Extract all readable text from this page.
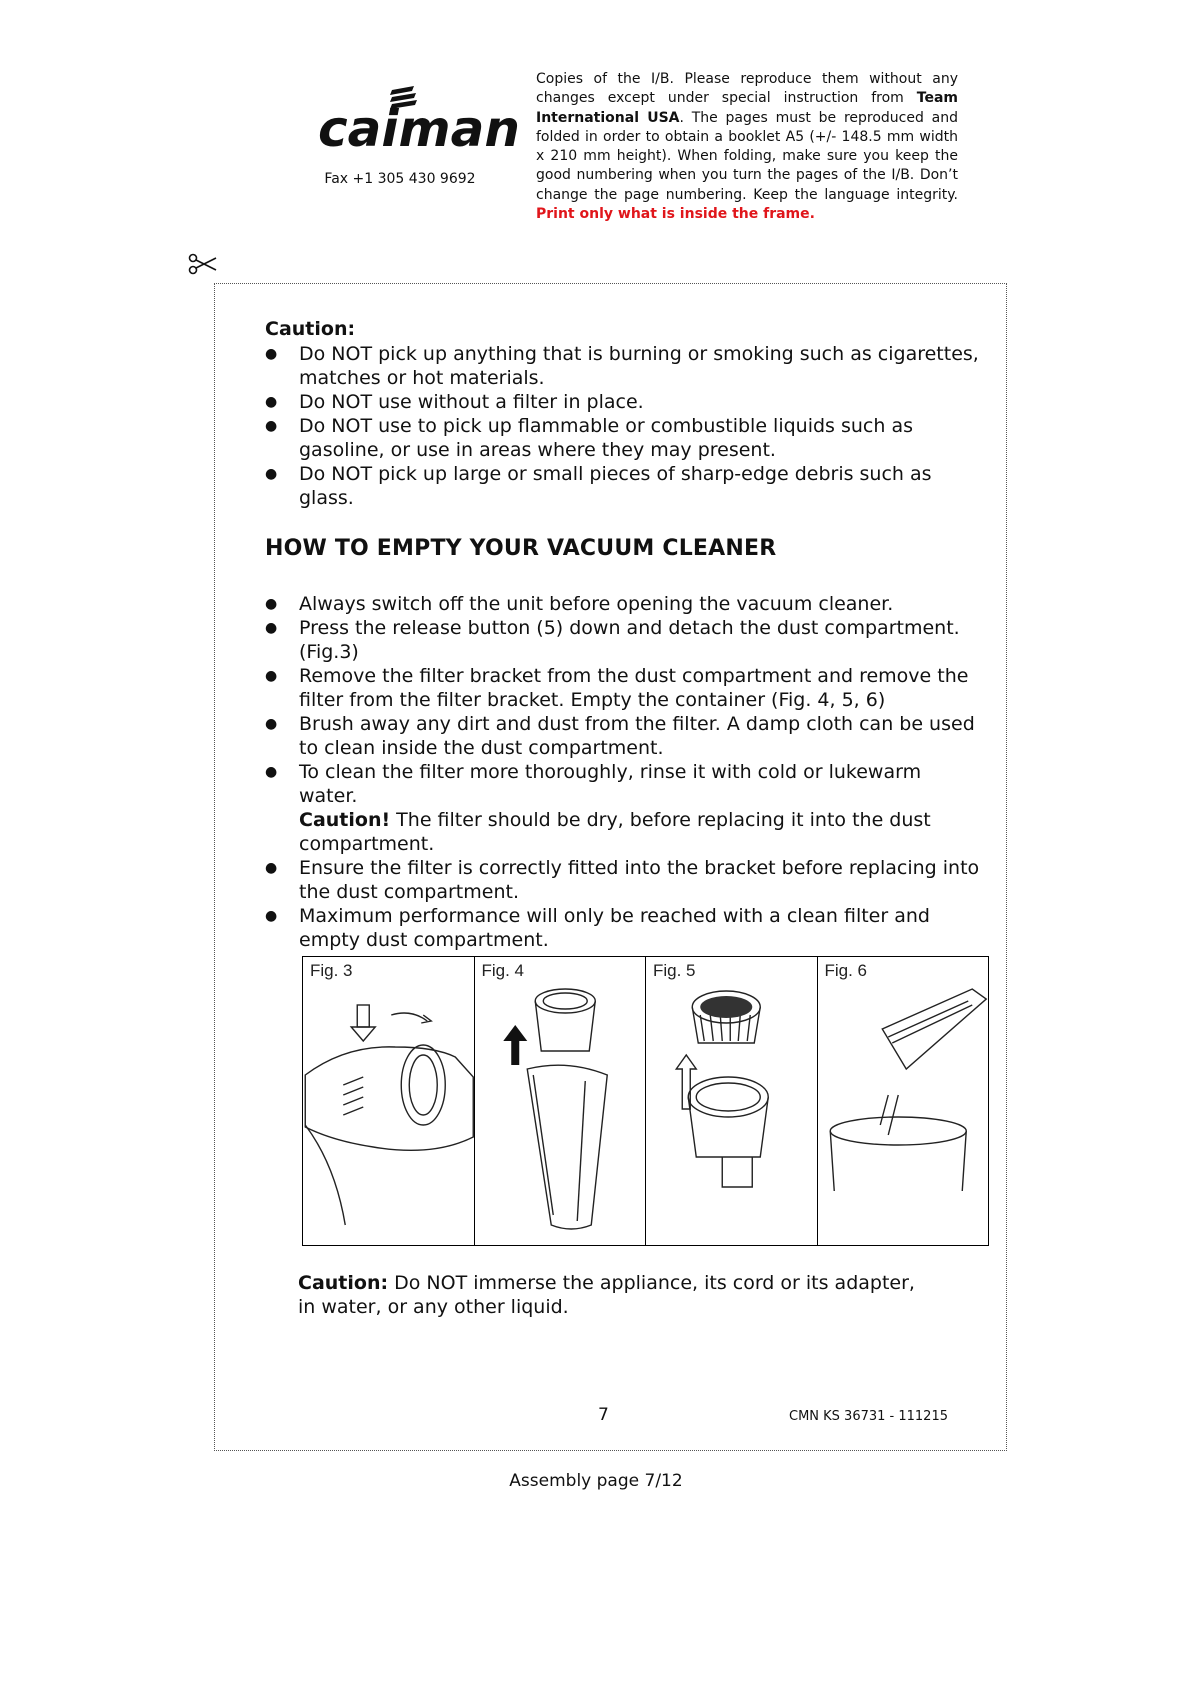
caiman
Fax +1 305 430 9692
Copies of the I/B. Please reproduce them without any changes except under special instruction from Team International USA. The pages must be reproduced and folded in order to obtain a booklet A5 (+/- 148.5 mm width x 210 mm height). When folding, make sure you keep the good numbering when you turn the pages of the I/B. Don’t change the page numbering. Keep the language integrity. Print only what is inside the frame.
Caution:
● Do NOT pick up anything that is burning or smoking such as cigarettes, matches or hot materials.
● Do NOT use without a filter in place.
● Do NOT use to pick up flammable or combustible liquids such as gasoline, or use in areas where they may present.
● Do NOT pick up large or small pieces of sharp-edge debris such as glass.
HOW TO EMPTY YOUR VACUUM CLEANER
● Always switch off the unit before opening the vacuum cleaner.
● Press the release button (5) down and detach the dust compartment. (Fig.3)
● Remove the filter bracket from the dust compartment and remove the filter from the filter bracket. Empty the container (Fig. 4, 5, 6)
● Brush away any dirt and dust from the filter. A damp cloth can be used to clean inside the dust compartment.
● To clean the filter more thoroughly, rinse it with cold or lukewarm water.
Caution! The filter should be dry, before replacing it into the dust compartment.
● Ensure the filter is correctly fitted into the bracket before replacing into the dust compartment.
● Maximum performance will only be reached with a clean filter and empty dust compartment.
Fig. 3	Fig. 4	Fig. 5	Fig. 6
Caution: Do NOT immerse the appliance, its cord or its adapter, in water, or any other liquid.
7	CMN KS 36731 - 111215
Assembly page 7/12
